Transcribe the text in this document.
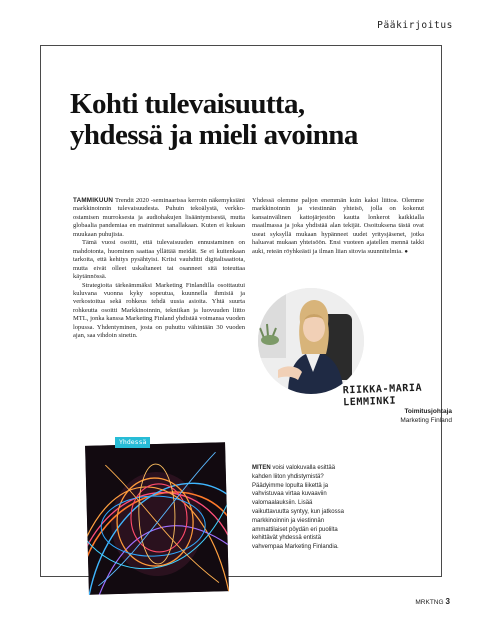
Pääkirjoitus
Kohti tulevaisuutta,
yhdessä ja mieli avoinna

TAMMIKUUN Trendit 2020 -seminaarissa kerroin näkemyksiäni markkinoinnin tulevaisuudesta. Puhuin tekoälystä, verkko-ostamisen murroksesta ja audiohakujen lisääntymisestä, mutta globaalia pandemiaa en maininnut sanallakaan. Kuten ei kukaan muukaan puhujista.

Tämä vuosi osoitti, että tulevaisuuden ennustaminen on mahdotonta, huominen saattaa yllättää meidät. Se ei kuitenkaan tarkoita, että kehitys pysähtyisi. Kriisi vauhditti digitalisaatiota, mutta eivät olleet uskaltaneet tai osanneet sitä toteuttaa käytännössä.

Strategioita tärkeämmäksi Marketing Finlandilla osoittautui kuluvana vuonna kyky sopeutua, kuunnella ihmisiä ja verkostoitua sekä rohkeus tehdä uusia asioita. Yhtä suurta rohkeutta osoitti Markkinoinnin, tekniikan ja luovuuden liitto MTL, jonka kanssa Marketing Finland yhdistää voimansa vuoden lopussa. Yhdentyminen, josta on puhuttu vähintään 30 vuoden ajan, saa vihdoin sinetin.

Yhdessä olemme paljon enemmän kuin kaksi liittoa. Olemme markkinoinnin ja viestinnän yhteisö, jolla on kokenut kansainvälinen kattojärjestön kautta lonkerot kaikkialla maailmassa ja joka yhdistää alan tekijät. Osoituksena tästä ovat useat syksyllä mukaan hypänneet uudet yritysjäsenet, jotka haluavat mukaan yhteisöön. Ensi vuoteen ajatellen mennä takki auki, reteän röyhkeästi ja ilman liian sitovia suunnitelmia. ●

RIIKKA-MARIA
LEMMINKI
Toimitusjohtaja
Marketing Finland
Yhdessä

MITEN voisi valokuvalla esittää kahden liiton yhdistymistä? Päädyimme lopulta liikettä ja vahvistuvaa virtaa kuvaaviin valomaalauksiin. Lisää vaikuttavuutta syntyy, kun jatkossa markkinoinnin ja viestinnän ammattilaiset pöydän eri puolilta kehittävät yhdessä entistä vahvempaa Marketing Finlandia.

MRKTNG 3
